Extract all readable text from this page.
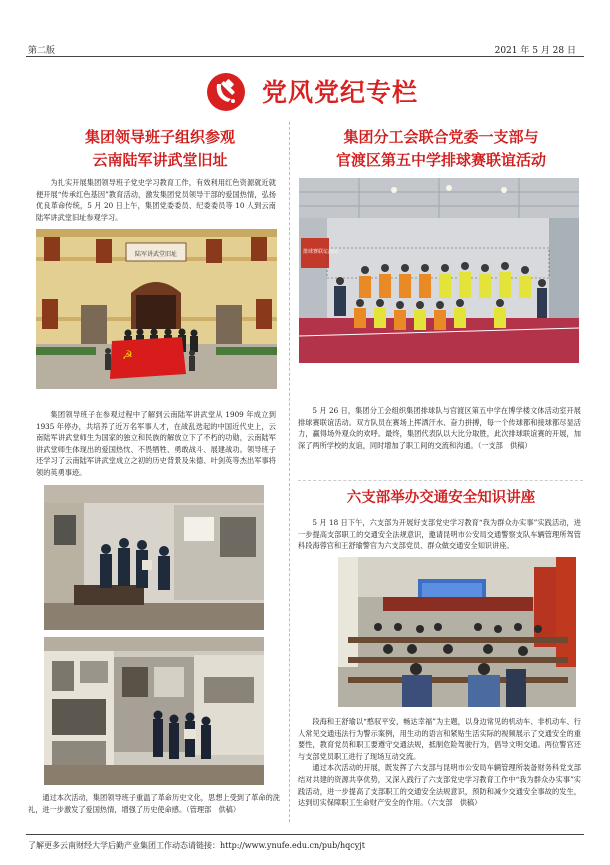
第二版	2021 年 5 月 28 日
党风党纪专栏
集团领导班子组织参观
云南陆军讲武堂旧址

为扎实开展集团领导班子党史学习教育工作，有效利用红色资源就近就便开展“传承红色基因”教育活动，激发集团党员领导干部的爱国热情，弘扬优良革命传统，5 月 20 日上午，集团党委委员、纪委委员等 10 人到云南陆军讲武堂旧址参观学习。

陆军讲武堂旧址
☭

集团领导班子在参观过程中了解到云南陆军讲武堂从 1909 年成立到 1935 年停办，共培养了近万名军事人才，在战乱迭起的中国近代史上，云南陆军讲武堂师生为国家的独立和民族的解放立下了不朽的功勋，云南陆军讲武堂师生体现出的爱国热忱、不畏牺牲、勇敢战斗、展建战功。领导班子还学习了云南陆军讲武堂成立之初的历史背景及朱德、叶剑英等杰出军事将领的英勇事迹。

通过本次活动，集团领导班子重温了革命历史文化，思想上受到了革命的洗礼，进一步激发了爱国热情，增强了历史使命感。（管理部　供稿）

集团分工会联合党委一支部与
官渡区第五中学排球赛联谊活动
排球赛联谊活动

5 月 26 日，集团分工会组织集团排球队与官渡区第五中学在博学楼文体活动室开展排球赛联谊活动。双方队员在赛场上挥洒汗水、奋力拼搏，每一个传球都和接球都尽显活力，赢得场外观众的欢呼。最终，集团代表队以大比分取胜，此次排球联谊赛的开展，加深了两所学校的友谊，同时增加了职工间的交流和沟通。（一支部　供稿）

六支部举办交通安全知识讲座

5 月 18 日下午，六支部为开展好支部党史学习教育“我为群众办实事”实践活动，进一步提高支部职工的交通安全法规意识，邀请昆明市公安局交通警察支队车辆管理所驾管科段海蓉官和王舒瑜警官为六支部党员、群众做交通安全知识讲座。

段海和王舒瑜以“憨驭平安，畅达幸福”为主题，以身边常见的机动车、非机动车、行人常见交通违法行为警示案例，用生动的语言和紧贴生活实际的视频展示了交通安全的重要性，教育党员和职工要遵守交通法规，抵制危险驾驶行为，倡导文明交通。两位警官还与支部党员职工进行了现场互动交流。

通过本次活动的开展，既发挥了六支部与昆明市公安局车辆管理所装备财务科党支部结对共建的资源共享优势，又深入践行了六支部党史学习教育工作中“我为群众办实事”实践活动，进一步提高了支部职工的交通安全法规意识，预防和减少交通安全事故的发生，达到切实保障职工生命财产安全的作用。（六支部　供稿）

了解更多云南财经大学后勤产业集团工作动态请链接：http://www.ynufe.edu.cn/pub/hqcyjt
